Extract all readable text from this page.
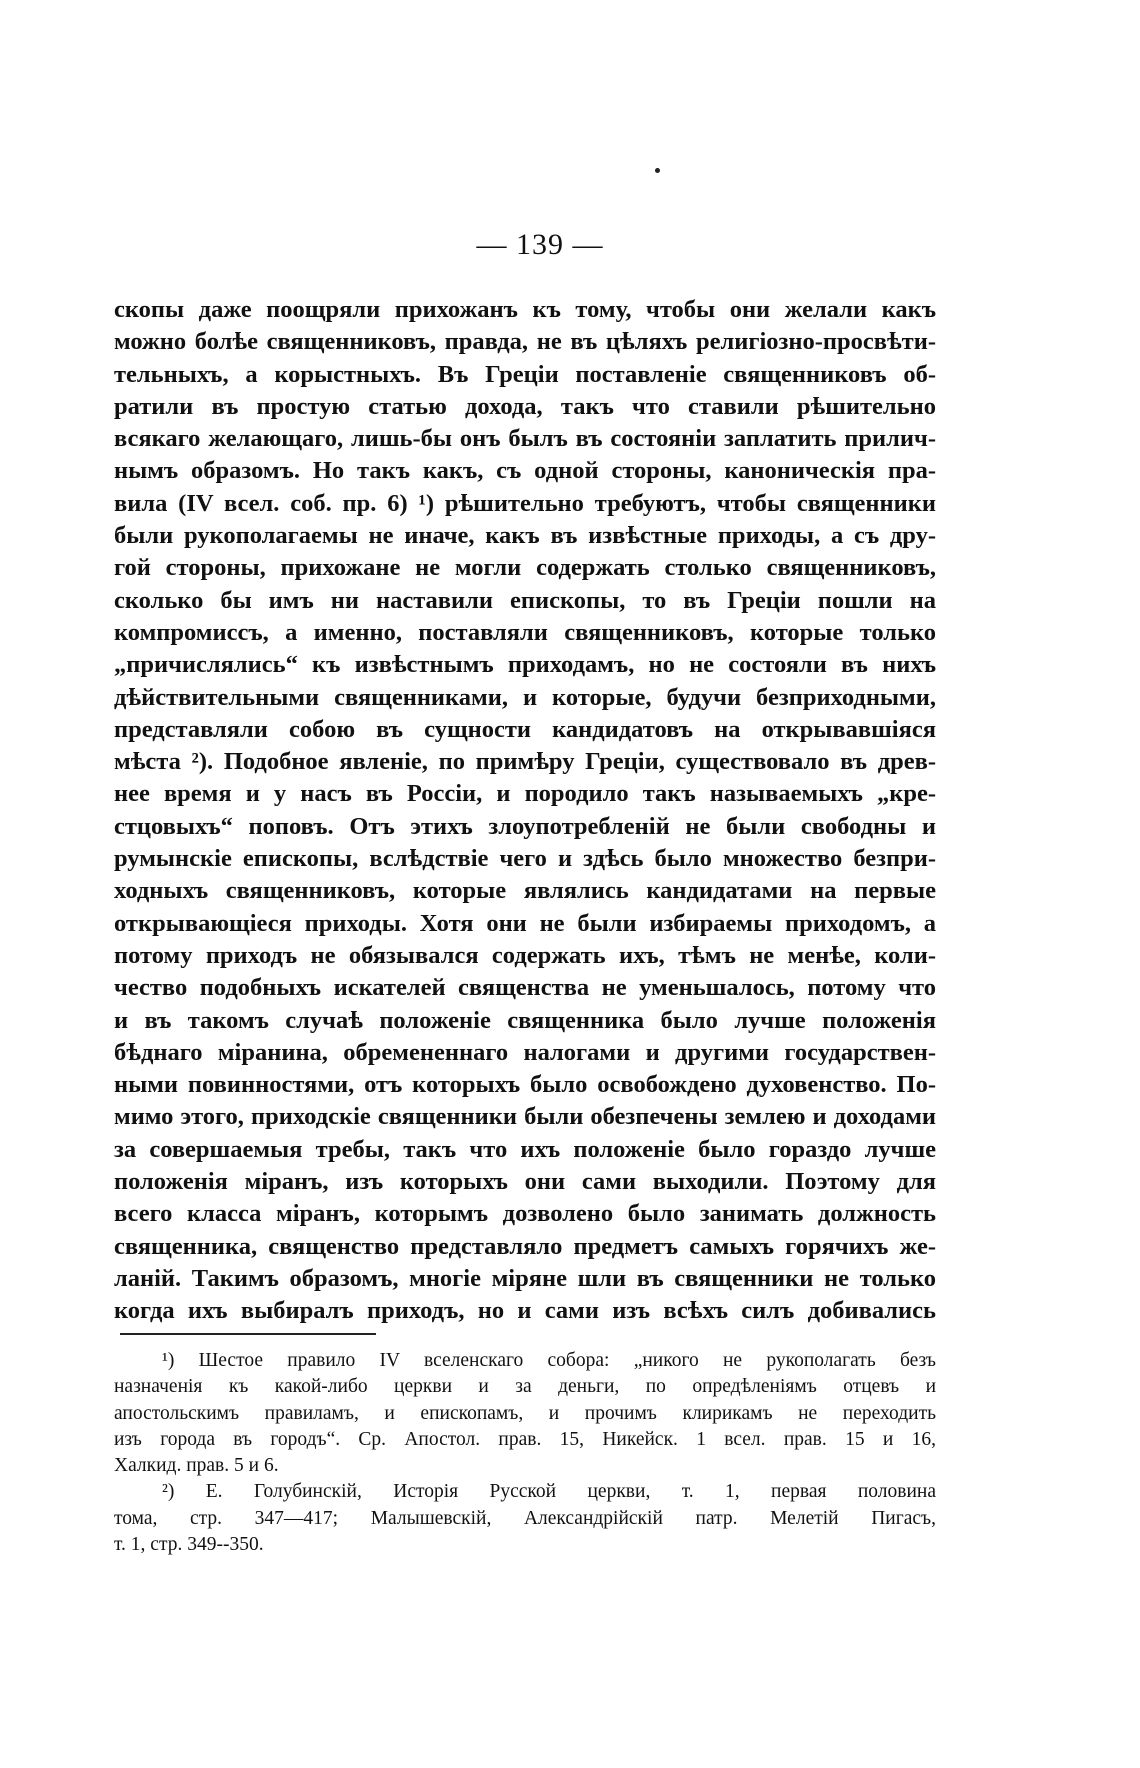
— 139 —
скопы даже поощряли прихожанъ къ тому, чтобы они желали какъ
можно болѣе священниковъ, правда, не въ цѣляхъ религіозно-просвѣти-
тельныхъ, а корыстныхъ. Въ Греціи поставленіе священниковъ об-
ратили въ простую статью дохода, такъ что ставили рѣшительно
всякаго желающаго, лишь-бы онъ былъ въ состояніи заплатить прилич-
нымъ образомъ. Но такъ какъ, съ одной стороны, каноническія пра-
вила (IV всел. соб. пр. 6) ¹) рѣшительно требуютъ, чтобы священники
были рукополагаемы не иначе, какъ въ извѣстные приходы, а съ дру-
гой стороны, прихожане не могли содержать столько священниковъ,
сколько бы имъ ни наставили епископы, то въ Греціи пошли на
компромиссъ, а именно, поставляли священниковъ, которые только
„причислялись“ къ извѣстнымъ приходамъ, но не состояли въ нихъ
дѣйствительными священниками, и которые, будучи безприходными,
представляли собою въ сущности кандидатовъ на открывавшіяся
мѣста ²). Подобное явленіе, по примѣру Греціи, существовало въ древ-
нее время и у насъ въ Россіи, и породило такъ называемыхъ „кре-
стцовыхъ“ поповъ. Отъ этихъ злоупотребленій не были свободны и
румынскіе епископы, вслѣдствіе чего и здѣсь было множество безпри-
ходныхъ священниковъ, которые являлись кандидатами на первые
открывающіеся приходы. Хотя они не были избираемы приходомъ, а
потому приходъ не обязывался содержать ихъ, тѣмъ не менѣе, коли-
чество подобныхъ искателей священства не уменьшалось, потому что
и въ такомъ случаѣ положеніе священника было лучше положенія
бѣднаго міранина, обремененнаго налогами и другими государствен-
ными повинностями, отъ которыхъ было освобождено духовенство. По-
мимо этого, приходскіе священники были обезпечены землею и доходами
за совершаемыя требы, такъ что ихъ положеніе было гораздо лучше
положенія міранъ, изъ которыхъ они сами выходили. Поэтому для
всего класса міранъ, которымъ дозволено было занимать должность
священника, священство представляло предметъ самыхъ горячихъ же-
ланій. Такимъ образомъ, многіе міряне шли въ священники не только
когда ихъ выбиралъ приходъ, но и сами изъ всѣхъ силъ добивались
¹) Шестое правило IV вселенскаго собора: „никого не рукополагать безъ
назначенія къ какой-либо церкви и за деньги, по опредѣленіямъ отцевъ и
апостольскимъ правиламъ, и епископамъ, и прочимъ клирикамъ не переходить
изъ города въ городъ“. Ср. Апостол. прав. 15, Никейск. 1 всел. прав. 15 и 16,
Халкид. прав. 5 и 6.
²) Е. Голубинскій, Исторія Русской церкви, т. 1, первая половина
тома, стр. 347—417; Малышевскій, Александрійскій патр. Мелетій Пигасъ,
т. 1, стр. 349--350.
